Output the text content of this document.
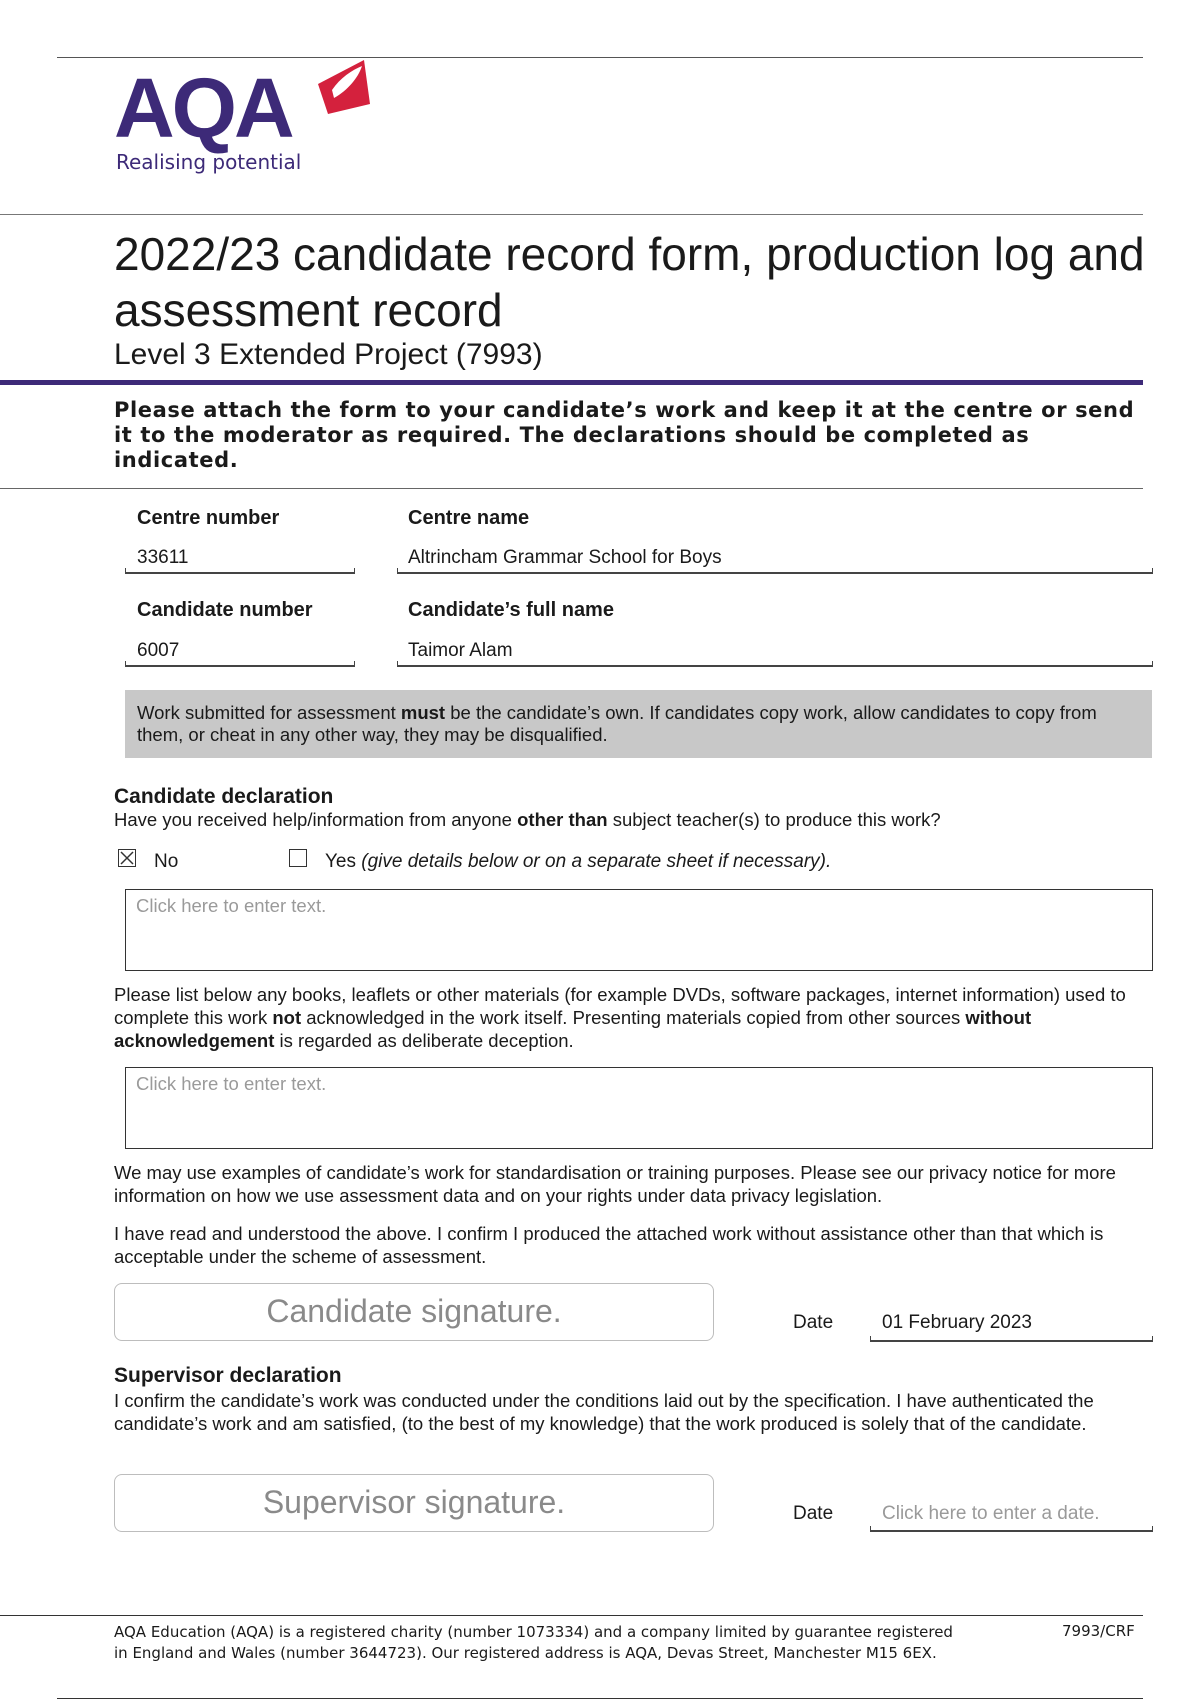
AQA
Realising potential
2022/23 candidate record form, production log and assessment record
Level 3 Extended Project (7993)
Please attach the form to your candidate’s work and keep it at the centre or send it to the moderator as required. The declarations should be completed as indicated.
Centre number
33611
Centre name
Altrincham Grammar School for Boys
Candidate number
6007
Candidate’s full name
Taimor Alam
Work submitted for assessment must be the candidate’s own. If candidates copy work, allow candidates to copy from them, or cheat in any other way, they may be disqualified.
Candidate declaration
Have you received help/information from anyone other than subject teacher(s) to produce this work?
No	Yes (give details below or on a separate sheet if necessary).
Click here to enter text.
Please list below any books, leaflets or other materials (for example DVDs, software packages, internet information) used to complete this work not acknowledged in the work itself. Presenting materials copied from other sources without acknowledgement is regarded as deliberate deception.
Click here to enter text.
We may use examples of candidate’s work for standardisation or training purposes. Please see our privacy notice for more information on how we use assessment data and on your rights under data privacy legislation.
I have read and understood the above. I confirm I produced the attached work without assistance other than that which is acceptable under the scheme of assessment.
Candidate signature.	Date	01 February 2023
Supervisor declaration
I confirm the candidate’s work was conducted under the conditions laid out by the specification. I have authenticated the candidate’s work and am satisfied, (to the best of my knowledge) that the work produced is solely that of the candidate.
Supervisor signature.	Date	Click here to enter a date.
AQA Education (AQA) is a registered charity (number 1073334) and a company limited by guarantee registered in England and Wales (number 3644723). Our registered address is AQA, Devas Street, Manchester M15 6EX.
7993/CRF
